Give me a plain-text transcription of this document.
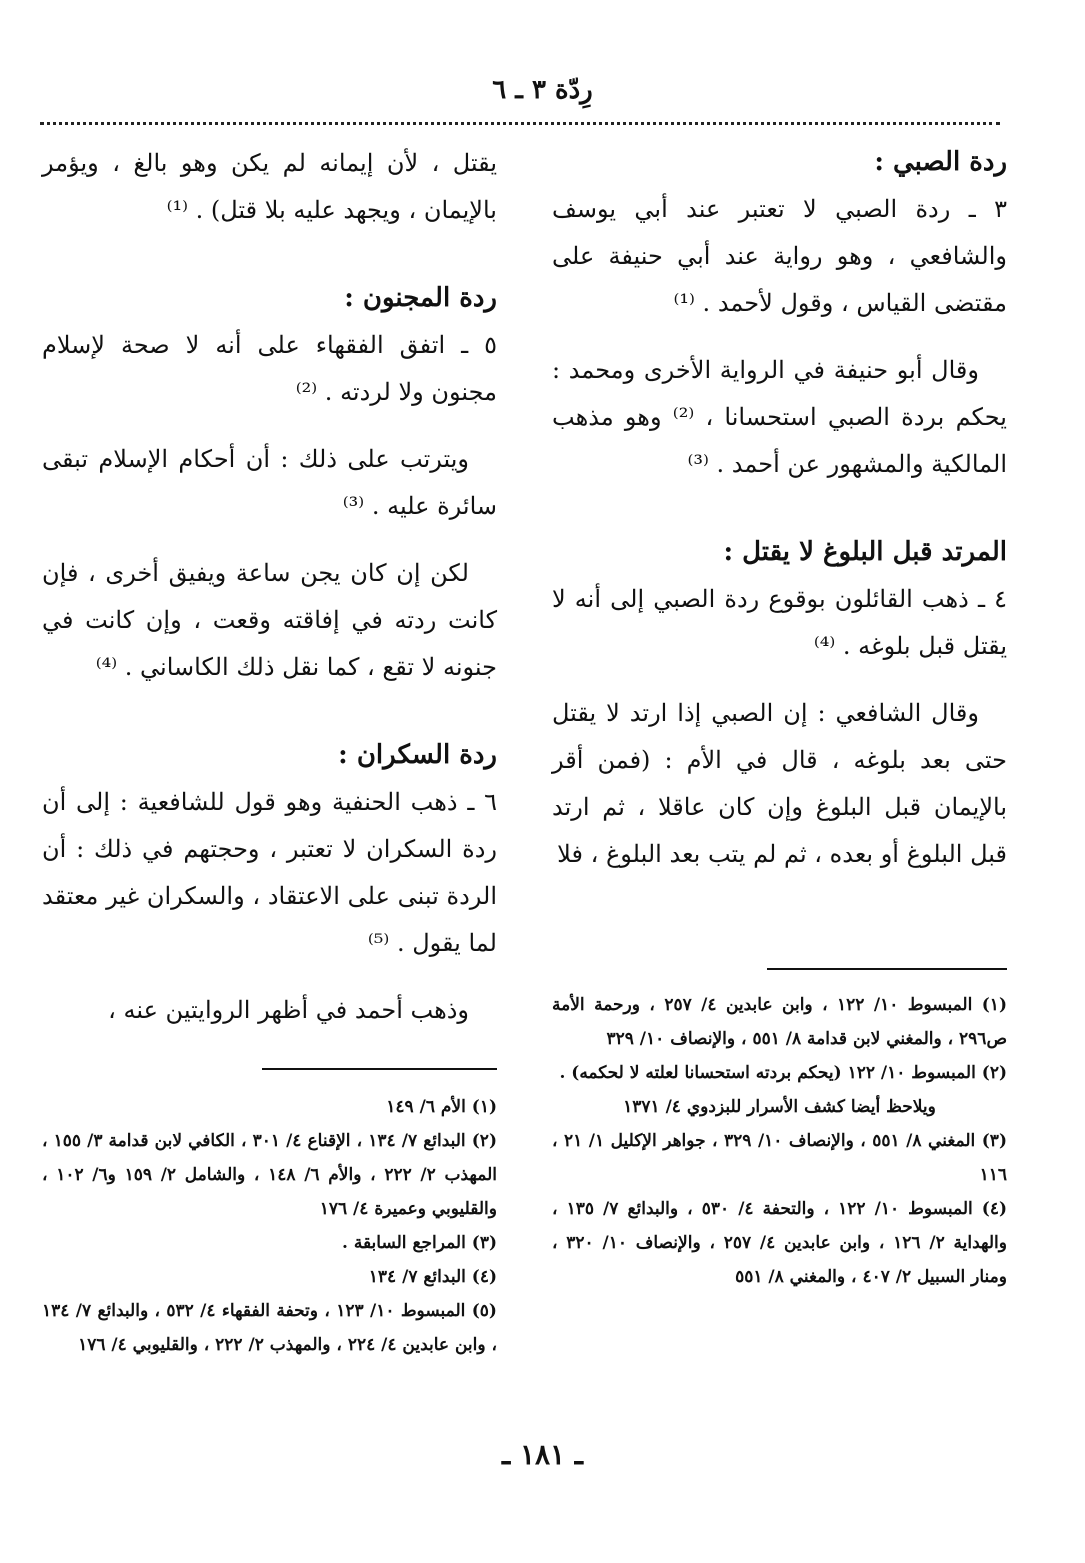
رِدّة ٣ ـ ٦
ردة الصبي :

٣ ـ ردة الصبي لا تعتبر عند أبي يوسف والشافعي ، وهو رواية عند أبي حنيفة على مقتضى القياس ، وقول لأحمد . ⁽¹⁾

وقال أبو حنيفة في الرواية الأخرى ومحمد : يحكم بردة الصبي استحسانا ، ⁽²⁾ وهو مذهب المالكية والمشهور عن أحمد . ⁽³⁾

المرتد قبل البلوغ لا يقتل :

٤ ـ ذهب القائلون بوقوع ردة الصبي إلى أنه لا يقتل قبل بلوغه . ⁽⁴⁾

وقال الشافعي : إن الصبي إذا ارتد لا يقتل حتى بعد بلوغه ، قال في الأم : (فمن أقر بالإيمان قبل البلوغ وإن كان عاقلا ، ثم ارتد قبل البلوغ أو بعده ، ثم لم يتب بعد البلوغ ، فلا

يقتل ، لأن إيمانه لم يكن وهو بالغ ، ويؤمر بالإيمان ، ويجهد عليه بلا قتل) . ⁽¹⁾

ردة المجنون :

٥ ـ اتفق الفقهاء على أنه لا صحة لإسلام مجنون ولا لردته . ⁽²⁾

ويترتب على ذلك : أن أحكام الإسلام تبقى سائرة عليه . ⁽³⁾

لكن إن كان يجن ساعة ويفيق أخرى ، فإن كانت ردته في إفاقته وقعت ، وإن كانت في جنونه لا تقع ، كما نقل ذلك الكاساني . ⁽⁴⁾

ردة السكران :

٦ ـ ذهب الحنفية وهو قول للشافعية : إلى أن ردة السكران لا تعتبر ، وحجتهم في ذلك : أن الردة تبنى على الاعتقاد ، والسكران غير معتقد لما يقول . ⁽⁵⁾

وذهب أحمد في أظهر الروايتين عنه ،	(١) المبسوط ١٠/ ١٢٢ ، وابن عابدين ٤/ ٢٥٧ ، ورحمة الأمة ص٢٩٦ ، والمغني لابن قدامة ٨/ ٥٥١ ، والإنصاف ١٠/ ٣٢٩

(٢) المبسوط ١٠/ ١٢٢ (يحكم بردته استحسانا لعلته لا لحكمه) .

ويلاحظ أيضا كشف الأسرار للبزدوي ٤/ ١٣٧١

(٣) المغني ٨/ ٥٥١ ، والإنصاف ١٠/ ٣٢٩ ، جواهر الإكليل ١/ ٢١ ، ١١٦

(٤) المبسوط ١٠/ ١٢٢ ، والتحفة ٤/ ٥٣٠ ، والبدائع ٧/ ١٣٥ ، والهداية ٢/ ١٢٦ ، وابن عابدين ٤/ ٢٥٧ ، والإنصاف ١٠/ ٣٢٠ ، ومنار السبيل ٢/ ٤٠٧ ، والمغني ٨/ ٥٥١

(١) الأم ٦/ ١٤٩

(٢) البدائع ٧/ ١٣٤ ، الإقناع ٤/ ٣٠١ ، الكافي لابن قدامة ٣/ ١٥٥ ، المهذب ٢/ ٢٢٢ ، والأم ٦/ ١٤٨ ، والشامل ٢/ ١٥٩ و٦/ ١٠٢ ، والقليوبي وعميرة ٤/ ١٧٦

(٣) المراجع السابقة .

(٤) البدائع ٧/ ١٣٤

(٥) المبسوط ١٠/ ١٢٣ ، وتحفة الفقهاء ٤/ ٥٣٢ ، والبدائع ٧/ ١٣٤ ، وابن عابدين ٤/ ٢٢٤ ، والمهذب ٢/ ٢٢٢ ، والقليوبي ٤/ ١٧٦

ـ ١٨١ ـ
